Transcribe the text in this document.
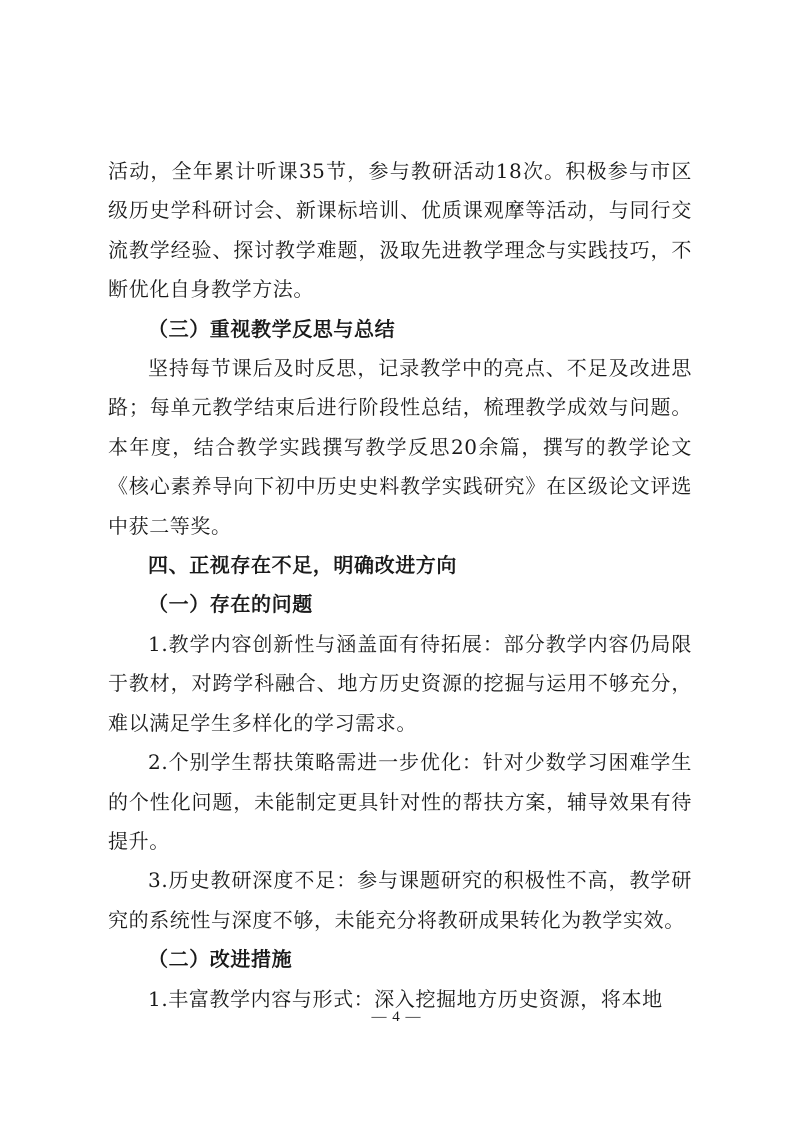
活动，全年累计听课35节，参与教研活动18次。积极参与市区级历史学科研讨会、新课标培训、优质课观摩等活动，与同行交流教学经验、探讨教学难题，汲取先进教学理念与实践技巧，不断优化自身教学方法。

（三）重视教学反思与总结

坚持每节课后及时反思，记录教学中的亮点、不足及改进思路；每单元教学结束后进行阶段性总结，梳理教学成效与问题。本年度，结合教学实践撰写教学反思20余篇，撰写的教学论文《核心素养导向下初中历史史料教学实践研究》在区级论文评选中获二等奖。

四、正视存在不足，明确改进方向

（一）存在的问题

1.教学内容创新性与涵盖面有待拓展：部分教学内容仍局限于教材，对跨学科融合、地方历史资源的挖掘与运用不够充分，难以满足学生多样化的学习需求。

2.个别学生帮扶策略需进一步优化：针对少数学习困难学生的个性化问题，未能制定更具针对性的帮扶方案，辅导效果有待提升。

3.历史教研深度不足：参与课题研究的积极性不高，教学研究的系统性与深度不够，未能充分将教研成果转化为教学实效。

（二）改进措施

1.丰富教学内容与形式：深入挖掘地方历史资源，将本地

— 4 —
